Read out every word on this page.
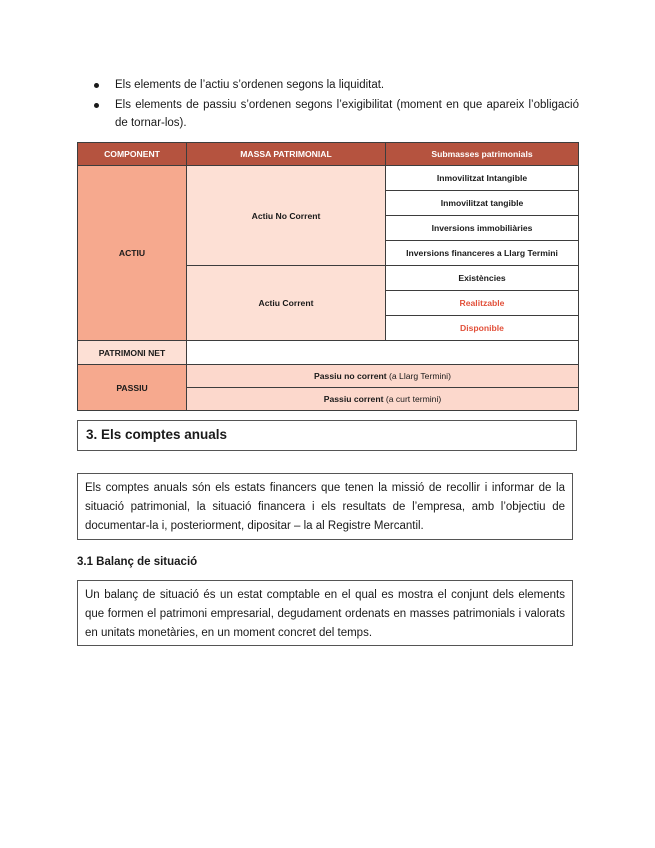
Els elements de l’actiu s’ordenen segons la liquiditat.
Els elements de passiu s’ordenen segons l’exigibilitat (moment en que apareix l’obligació de tornar-los).
COMPONENT	MASSA PATRIMONIAL	Submasses patrimonials
ACTIU	Actiu No Corrent	Inmovilitzat Intangible
		Inmovilitzat tangible
		Inversions immobiliàries
		Inversions financeres a Llarg Termini
	Actiu Corrent	Existències
		Realitzable
		Disponible
PATRIMONI NET		
PASSIU	Passiu no corrent (a Llarg Termini)	
	Passiu corrent (a curt termini)	
3. Els comptes anuals
Els comptes anuals són els estats financers que tenen la missió de recollir i informar de la situació patrimonial, la situació financera i els resultats de l’empresa, amb l’objectiu de documentar-la i, posteriorment, dipositar – la al Registre Mercantil.
3.1 Balanç de situació
Un balanç de situació és un estat comptable en el qual es mostra el conjunt dels elements que formen el patrimoni empresarial, degudament ordenats en masses patrimonials i valorats en unitats monetàries, en un moment concret del temps.
